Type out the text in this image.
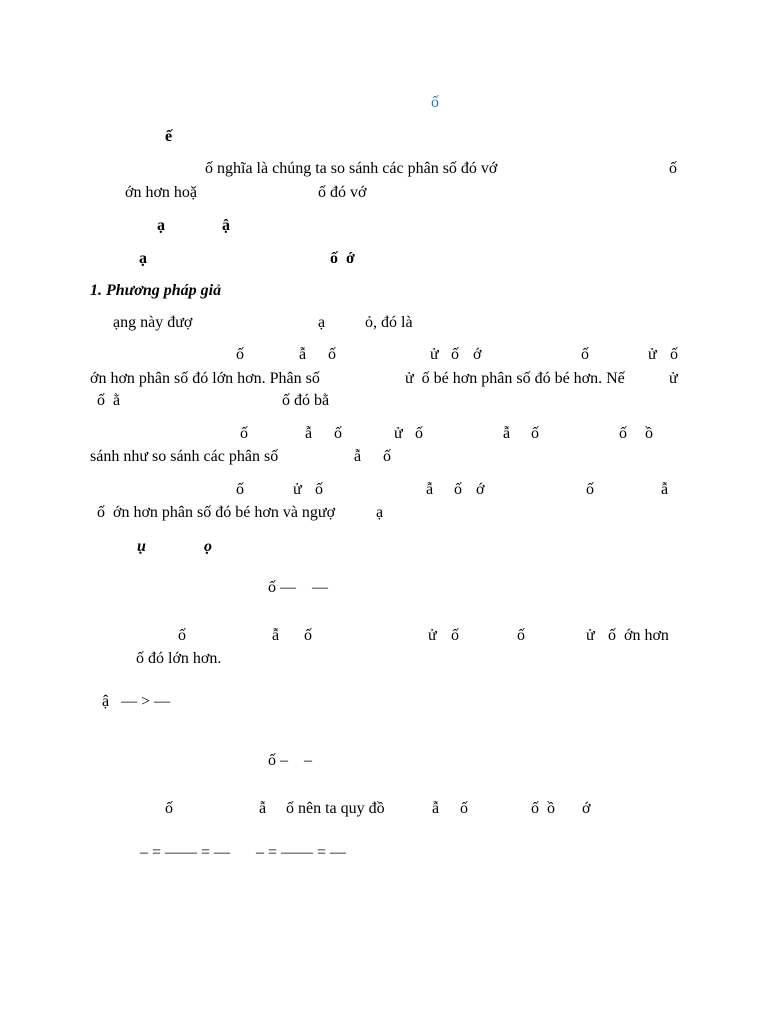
ố
ế
ố nghĩa là chúng ta so sánh các phân số đó vớ	ố
ớn hơn hoặ	ố đó vớ
ạ	ậ
ạ	ố  ớ
1. Phương pháp giả
ạng này đượ	ạ ỏ, đó là
ố	ẫ ố	ử ố ớ	ố	ử ố
ớn hơn phân số đó lớn hơn. Phân số	ử  ố bé hơn phân số đó bé hơn. Nế	ử
ố  ằ	ố đó bằ
ố	ẫ ố	ử ố	ẫ ố	ố ồ
sánh như so sánh các phân số	ẫ ố
ố	ử ố	ẫ ố ớ	ố	ẫ
ố  ớn hơn phân số đó bé hơn và ngượ	ạ
ụ	ọ
ố —    —
ố	ẫ ố	ử ố	ố	ử ố  ớn hơn
ố đó lớn hơn.
ậ   — > —
ố –    –
ố	ẫ ố nên ta quy đồ	ẫ ố	ố  ồ ớ
– = —— = — – = —— = —
